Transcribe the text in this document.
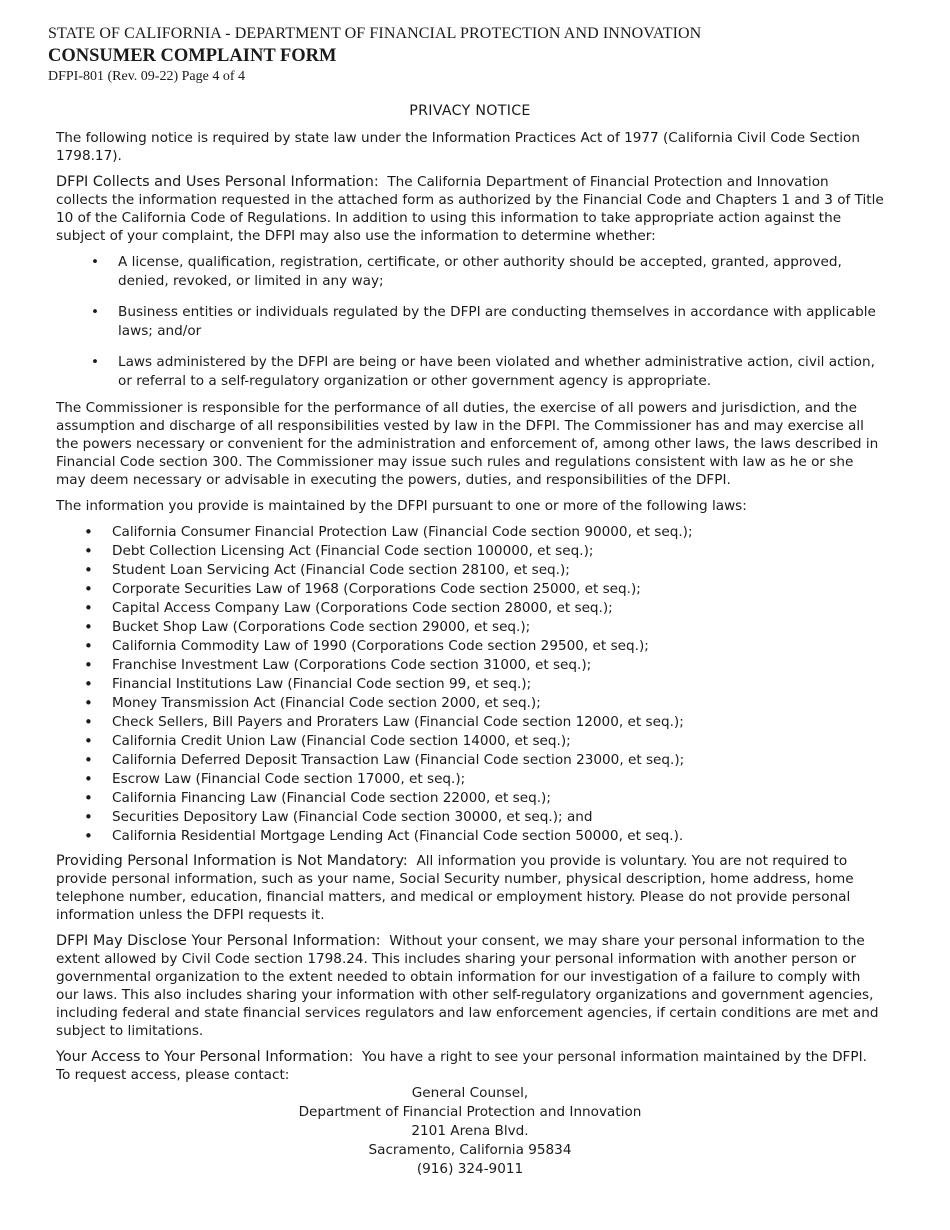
STATE OF CALIFORNIA - DEPARTMENT OF FINANCIAL PROTECTION AND INNOVATION
CONSUMER COMPLAINT FORM
DFPI-801 (Rev. 09-22) Page 4 of 4
PRIVACY NOTICE

The following notice is required by state law under the Information Practices Act of 1977 (California Civil Code Section 1798.17).

DFPI Collects and Uses Personal Information: The California Department of Financial Protection and Innovation collects the information requested in the attached form as authorized by the Financial Code and Chapters 1 and 3 of Title 10 of the California Code of Regulations. In addition to using this information to take appropriate action against the subject of your complaint, the DFPI may also use the information to determine whether:

• A license, qualification, registration, certificate, or other authority should be accepted, granted, approved, denied, revoked, or limited in any way;
• Business entities or individuals regulated by the DFPI are conducting themselves in accordance with applicable laws; and/or
• Laws administered by the DFPI are being or have been violated and whether administrative action, civil action, or referral to a self-regulatory organization or other government agency is appropriate.

The Commissioner is responsible for the performance of all duties, the exercise of all powers and jurisdiction, and the assumption and discharge of all responsibilities vested by law in the DFPI. The Commissioner has and may exercise all the powers necessary or convenient for the administration and enforcement of, among other laws, the laws described in Financial Code section 300. The Commissioner may issue such rules and regulations consistent with law as he or she may deem necessary or advisable in executing the powers, duties, and responsibilities of the DFPI.

The information you provide is maintained by the DFPI pursuant to one or more of the following laws:

• California Consumer Financial Protection Law (Financial Code section 90000, et seq.);
• Debt Collection Licensing Act (Financial Code section 100000, et seq.);
• Student Loan Servicing Act (Financial Code section 28100, et seq.);
• Corporate Securities Law of 1968 (Corporations Code section 25000, et seq.);
• Capital Access Company Law (Corporations Code section 28000, et seq.);
• Bucket Shop Law (Corporations Code section 29000, et seq.);
• California Commodity Law of 1990 (Corporations Code section 29500, et seq.);
• Franchise Investment Law (Corporations Code section 31000, et seq.);
• Financial Institutions Law (Financial Code section 99, et seq.);
• Money Transmission Act (Financial Code section 2000, et seq.);
• Check Sellers, Bill Payers and Proraters Law (Financial Code section 12000, et seq.);
• California Credit Union Law (Financial Code section 14000, et seq.);
• California Deferred Deposit Transaction Law (Financial Code section 23000, et seq.);
• Escrow Law (Financial Code section 17000, et seq.);
• California Financing Law (Financial Code section 22000, et seq.);
• Securities Depository Law (Financial Code section 30000, et seq.); and
• California Residential Mortgage Lending Act (Financial Code section 50000, et seq.).

Providing Personal Information is Not Mandatory: All information you provide is voluntary. You are not required to provide personal information, such as your name, Social Security number, physical description, home address, home telephone number, education, financial matters, and medical or employment history. Please do not provide personal information unless the DFPI requests it.

DFPI May Disclose Your Personal Information: Without your consent, we may share your personal information to the extent allowed by Civil Code section 1798.24. This includes sharing your personal information with another person or governmental organization to the extent needed to obtain information for our investigation of a failure to comply with our laws. This also includes sharing your information with other self-regulatory organizations and government agencies, including federal and state financial services regulators and law enforcement agencies, if certain conditions are met and subject to limitations.

Your Access to Your Personal Information: You have a right to see your personal information maintained by the DFPI. To request access, please contact:

General Counsel,
Department of Financial Protection and Innovation
2101 Arena Blvd.
Sacramento, California 95834
(916) 324-9011
